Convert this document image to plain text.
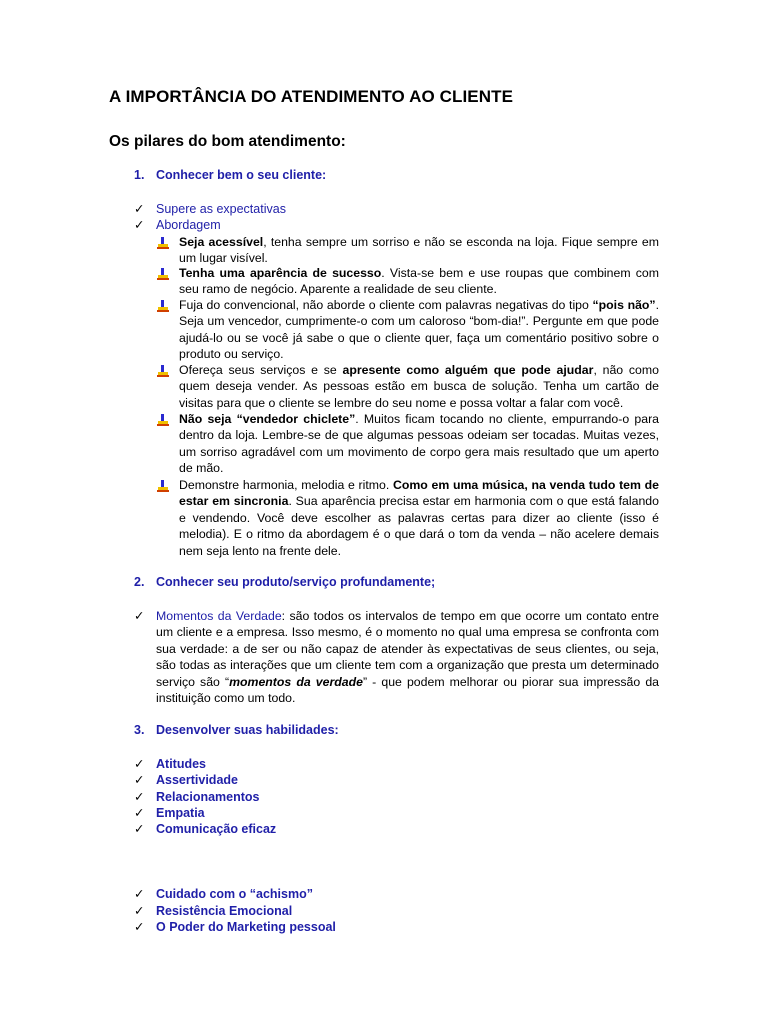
A IMPORTÂNCIA DO ATENDIMENTO AO CLIENTE
Os pilares do bom atendimento:
1. Conhecer bem o seu cliente:
✓ Supere as expectativas
✓ Abordagem
Seja acessível, tenha sempre um sorriso e não se esconda na loja. Fique sempre em um lugar visível.
Tenha uma aparência de sucesso. Vista-se bem e use roupas que combinem com seu ramo de negócio. Aparente a realidade de seu cliente.
Fuja do convencional, não aborde o cliente com palavras negativas do tipo “pois não”. Seja um vencedor, cumprimente-o com um caloroso “bom-dia!”. Pergunte em que pode ajudá-lo ou se você já sabe o que o cliente quer, faça um comentário positivo sobre o produto ou serviço.
Ofereça seus serviços e se apresente como alguém que pode ajudar, não como quem deseja vender. As pessoas estão em busca de solução. Tenha um cartão de visitas para que o cliente se lembre do seu nome e possa voltar a falar com você.
Não seja “vendedor chiclete”. Muitos ficam tocando no cliente, empurrando-o para dentro da loja. Lembre-se de que algumas pessoas odeiam ser tocadas. Muitas vezes, um sorriso agradável com um movimento de corpo gera mais resultado que um aperto de mão.
Demonstre harmonia, melodia e ritmo. Como em uma música, na venda tudo tem de estar em sincronia. Sua aparência precisa estar em harmonia com o que está falando e vendendo. Você deve escolher as palavras certas para dizer ao cliente (isso é melodia). E o ritmo da abordagem é o que dará o tom da venda – não acelere demais nem seja lento na frente dele.
2. Conhecer seu produto/serviço profundamente;
✓ Momentos da Verdade: são todos os intervalos de tempo em que ocorre um contato entre um cliente e a empresa. Isso mesmo, é o momento no qual uma empresa se confronta com sua verdade: a de ser ou não capaz de atender às expectativas de seus clientes, ou seja, são todas as interações que um cliente tem com a organização que presta um determinado serviço são “momentos da verdade” - que podem melhorar ou piorar sua impressão da instituição como um todo.
3. Desenvolver suas habilidades:
✓ Atitudes
✓ Assertividade
✓ Relacionamentos
✓ Empatia
✓ Comunicação eficaz
✓ Cuidado com o “achismo”
✓ Resistência Emocional
✓ O Poder do Marketing pessoal
